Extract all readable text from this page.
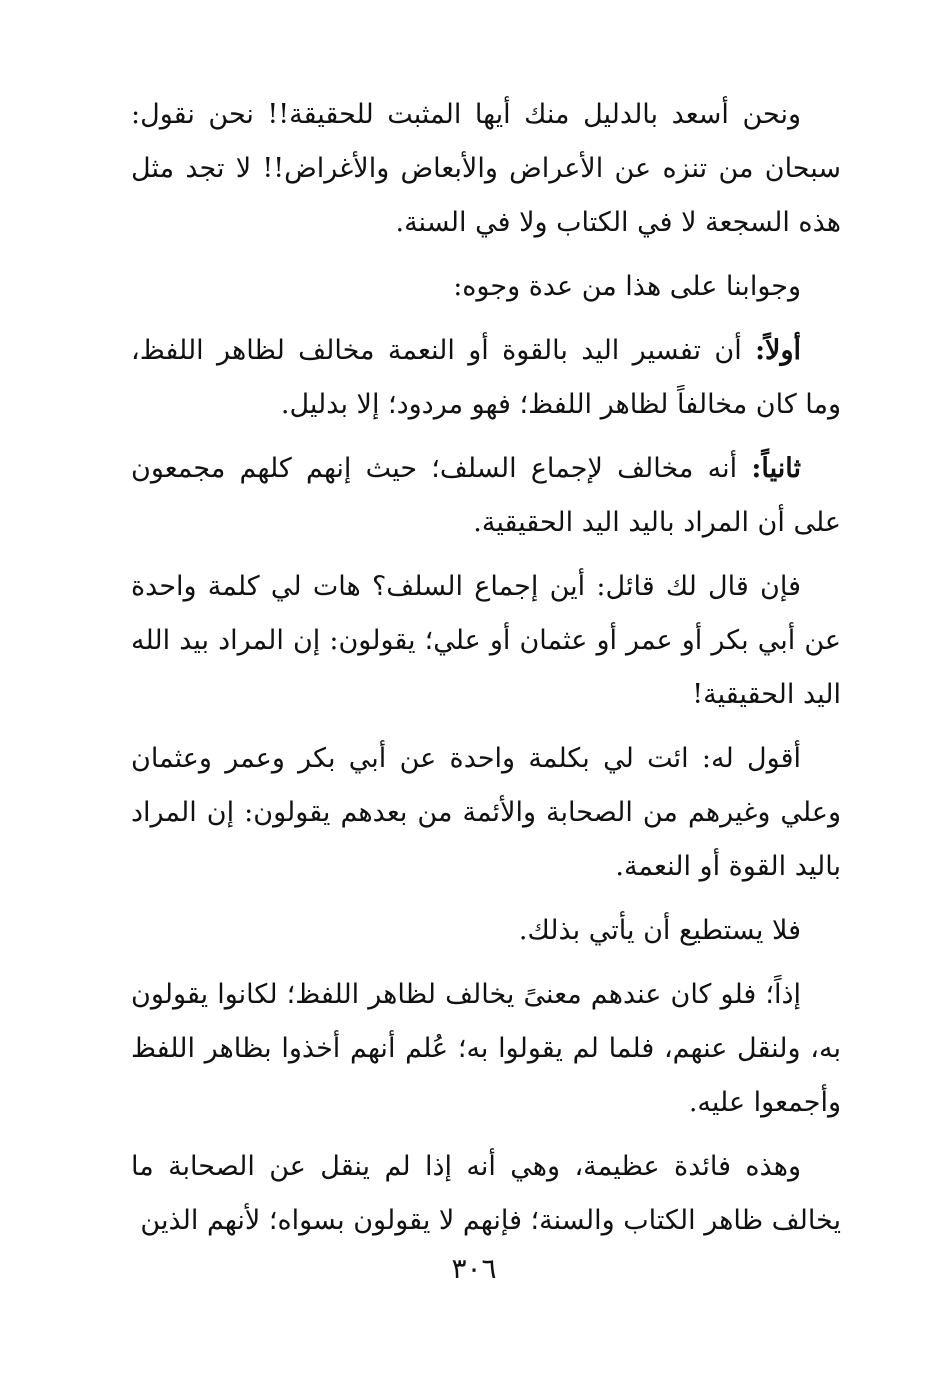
ونحن أسعد بالدليل منك أيها المثبت للحقيقة!! نحن نقول: سبحان من تنزه عن الأعراض والأبعاض والأغراض!! لا تجد مثل هذه السجعة لا في الكتاب ولا في السنة.

وجوابنا على هذا من عدة وجوه:

أولاً: أن تفسير اليد بالقوة أو النعمة مخالف لظاهر اللفظ، وما كان مخالفاً لظاهر اللفظ؛ فهو مردود؛ إلا بدليل.

ثانياً: أنه مخالف لإجماع السلف؛ حيث إنهم كلهم مجمعون على أن المراد باليد اليد الحقيقية.

فإن قال لك قائل: أين إجماع السلف؟ هات لي كلمة واحدة عن أبي بكر أو عمر أو عثمان أو علي؛ يقولون: إن المراد بيد الله اليد الحقيقية!

أقول له: ائت لي بكلمة واحدة عن أبي بكر وعمر وعثمان وعلي وغيرهم من الصحابة والأئمة من بعدهم يقولون: إن المراد باليد القوة أو النعمة.

فلا يستطيع أن يأتي بذلك.

إذاً؛ فلو كان عندهم معنىً يخالف لظاهر اللفظ؛ لكانوا يقولون به، ولنقل عنهم، فلما لم يقولوا به؛ عُلم أنهم أخذوا بظاهر اللفظ وأجمعوا عليه.

وهذه فائدة عظيمة، وهي أنه إذا لم ينقل عن الصحابة ما يخالف ظاهر الكتاب والسنة؛ فإنهم لا يقولون بسواه؛ لأنهم الذين

٣٠٦
